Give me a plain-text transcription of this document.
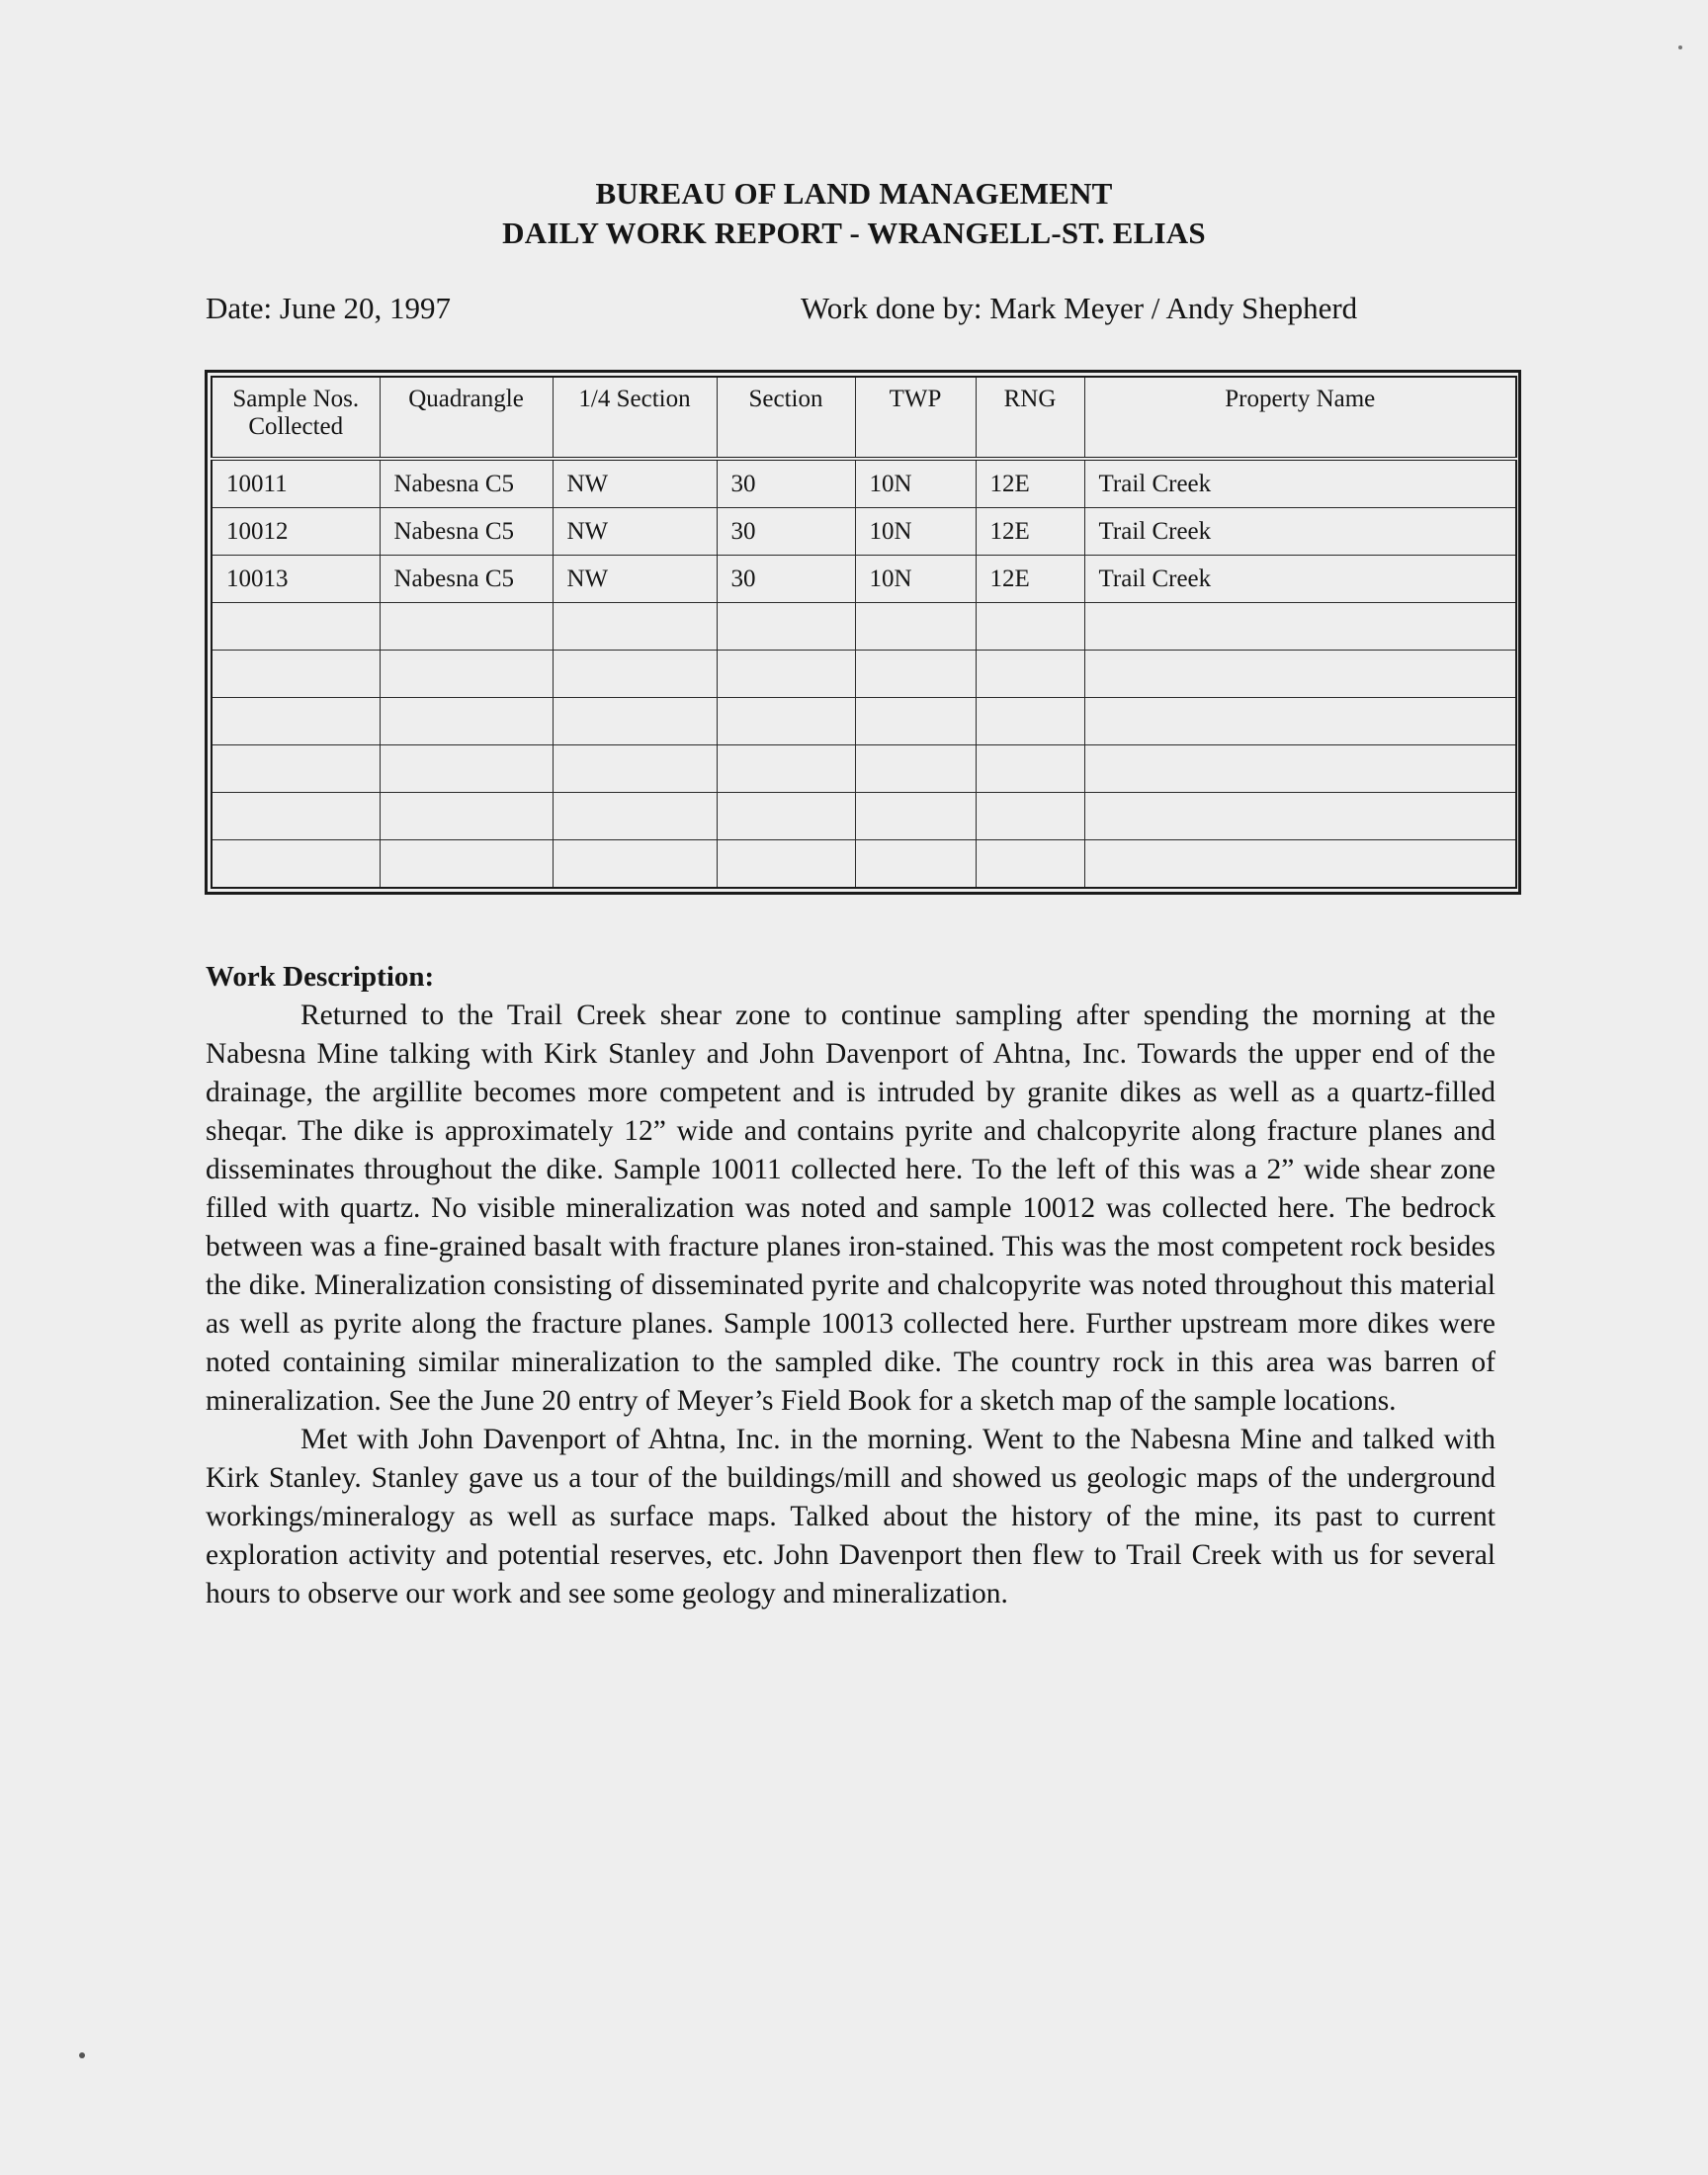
BUREAU OF LAND MANAGEMENT
DAILY WORK REPORT - WRANGELL-ST. ELIAS
Date: June 20, 1997	Work done by: Mark Meyer / Andy Shepherd
Sample Nos. Collected	Quadrangle	1/4 Section	Section	TWP	RNG	Property Name
10011	Nabesna C5	NW	30	10N	12E	Trail Creek
10012	Nabesna C5	NW	30	10N	12E	Trail Creek
10013	Nabesna C5	NW	30	10N	12E	Trail Creek

Work Description:

Returned to the Trail Creek shear zone to continue sampling after spending the morning at the Nabesna Mine talking with Kirk Stanley and John Davenport of Ahtna, Inc. Towards the upper end of the drainage, the argillite becomes more competent and is intruded by granite dikes as well as a quartz-filled sheqar. The dike is approximately 12” wide and contains pyrite and chalcopyrite along fracture planes and disseminates throughout the dike. Sample 10011 collected here. To the left of this was a 2” wide shear zone filled with quartz. No visible mineralization was noted and sample 10012 was collected here. The bedrock between was a fine-grained basalt with fracture planes iron-stained. This was the most competent rock besides the dike. Mineralization consisting of disseminated pyrite and chalcopyrite was noted throughout this material as well as pyrite along the fracture planes. Sample 10013 collected here. Further upstream more dikes were noted containing similar mineralization to the sampled dike. The country rock in this area was barren of mineralization. See the June 20 entry of Meyer’s Field Book for a sketch map of the sample locations.

Met with John Davenport of Ahtna, Inc. in the morning. Went to the Nabesna Mine and talked with Kirk Stanley. Stanley gave us a tour of the buildings/mill and showed us geologic maps of the underground workings/mineralogy as well as surface maps. Talked about the history of the mine, its past to current exploration activity and potential reserves, etc. John Davenport then flew to Trail Creek with us for several hours to observe our work and see some geology and mineralization.
